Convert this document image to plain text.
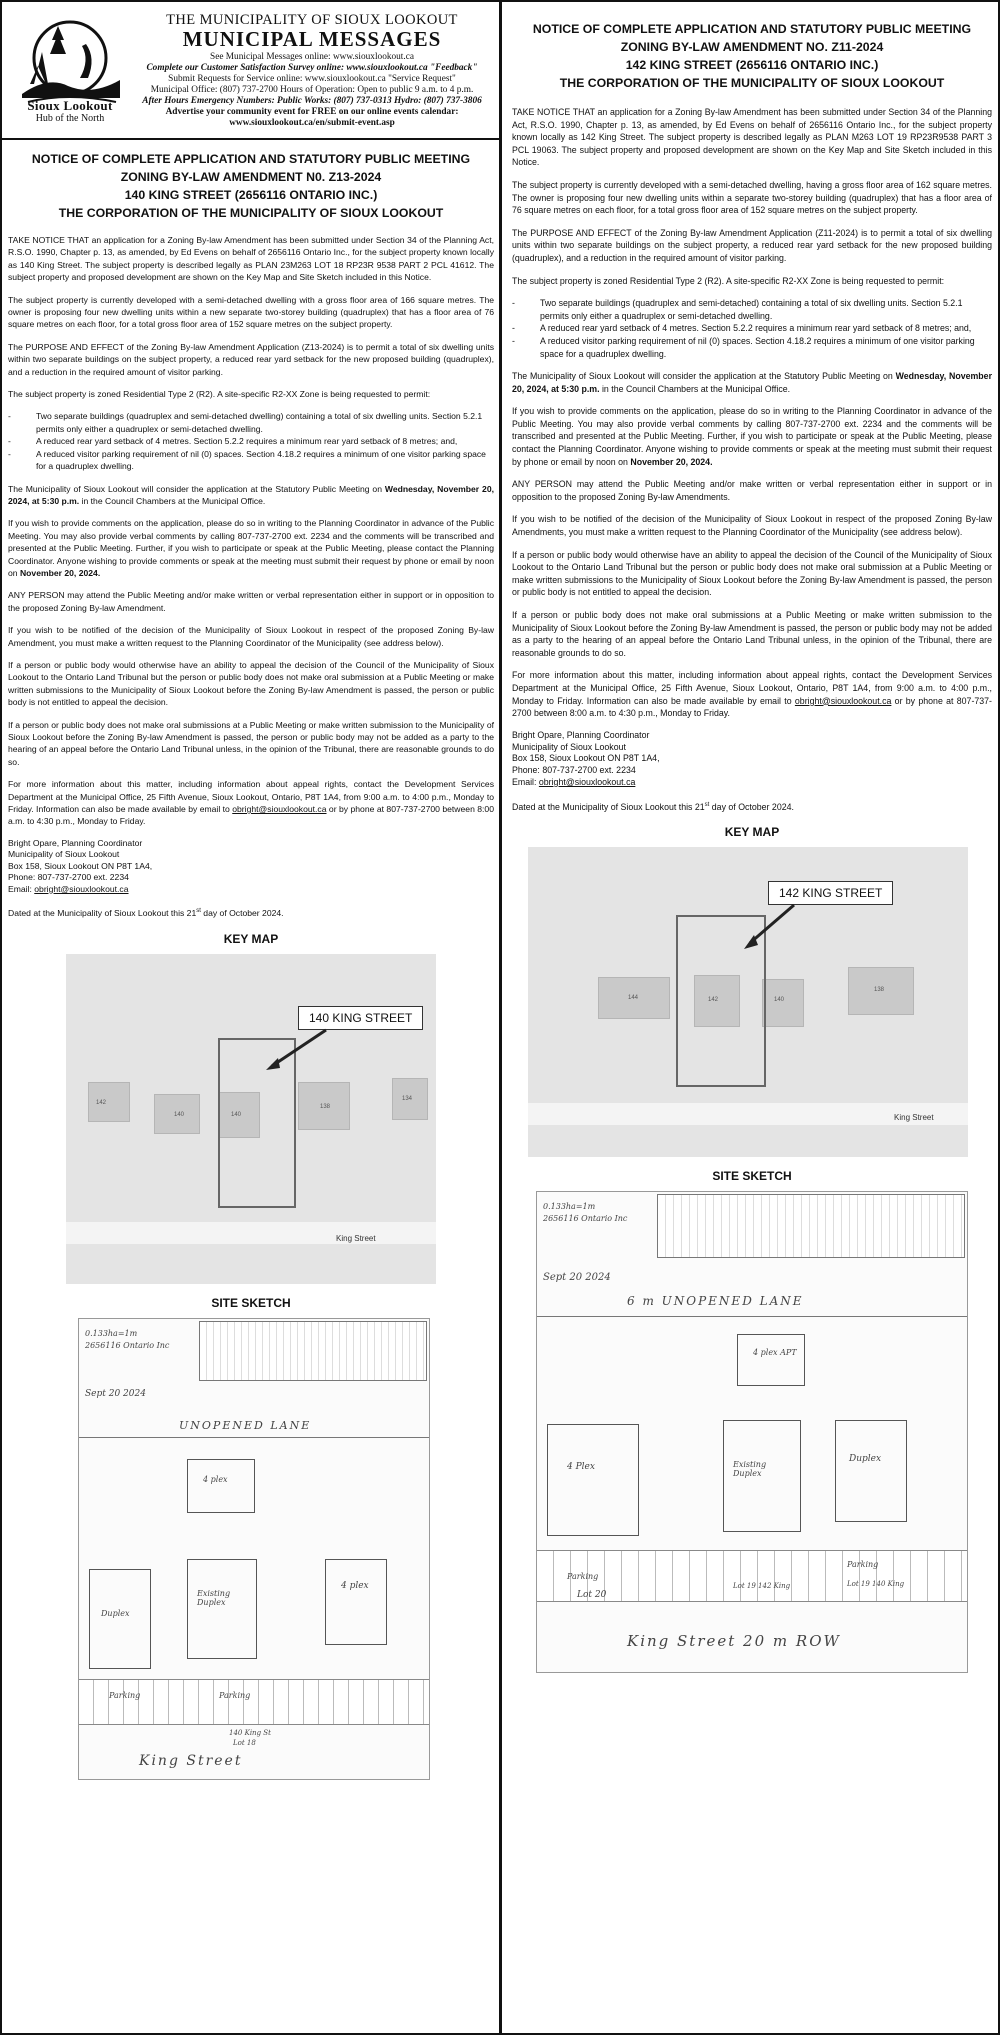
Sioux Lookout
Hub of the North
THE MUNICIPALITY OF SIOUX LOOKOUT
MUNICIPAL MESSAGES
See Municipal Messages online: www.siouxlookout.ca
Complete our Customer Satisfaction Survey online: www.siouxlookout.ca "Feedback"
Submit Requests for Service online: www.siouxlookout.ca "Service Request"
Municipal Office: (807) 737-2700 Hours of Operation: Open to public 9 a.m. to 4 p.m.
After Hours Emergency Numbers: Public Works: (807) 737-0313 Hydro: (807) 737-3806
Advertise your community event for FREE on our online events calendar:
www.siouxlookout.ca/en/submit-event.asp
NOTICE OF COMPLETE APPLICATION AND STATUTORY PUBLIC MEETING
ZONING BY-LAW AMENDMENT N0. Z13-2024
140 KING STREET (2656116 ONTARIO INC.)
THE CORPORATION OF THE MUNICIPALITY OF SIOUX LOOKOUT

TAKE NOTICE THAT an application for a Zoning By-law Amendment has been submitted under Section 34 of the Planning Act, R.S.O. 1990, Chapter p. 13, as amended, by Ed Evens on behalf of 2656116 Ontario Inc., for the subject property known locally as 140 King Street. The subject property is described legally as PLAN 23M263 LOT 18 RP23R 9538 PART 2 PCL 41612. The subject property and proposed development are shown on the Key Map and Site Sketch included in this Notice.

The subject property is currently developed with a semi-detached dwelling with a gross floor area of 166 square metres. The owner is proposing four new dwelling units within a new separate two-storey building (quadruplex) that has a floor area of 76 square metres on each floor, for a total gross floor area of 152 square metres on the subject property.

The PURPOSE AND EFFECT of the Zoning By-law Amendment Application (Z13-2024) is to permit a total of six dwelling units within two separate buildings on the subject property, a reduced rear yard setback for the new proposed building (quadruplex), and a reduction in the required amount of visitor parking.

The subject property is zoned Residential Type 2 (R2). A site-specific R2-XX Zone is being requested to permit:

- Two separate buildings (quadruplex and semi-detached dwelling) containing a total of six dwelling units. Section 5.2.1 permits only either a quadruplex or semi-detached dwelling.
- A reduced rear yard setback of 4 metres. Section 5.2.2 requires a minimum rear yard setback of 8 metres; and,
- A reduced visitor parking requirement of nil (0) spaces. Section 4.18.2 requires a minimum of one visitor parking space for a quadruplex dwelling.

The Municipality of Sioux Lookout will consider the application at the Statutory Public Meeting on Wednesday, November 20, 2024, at 5:30 p.m. in the Council Chambers at the Municipal Office.

If you wish to provide comments on the application, please do so in writing to the Planning Coordinator in advance of the Public Meeting. You may also provide verbal comments by calling 807-737-2700 ext. 2234 and the comments will be transcribed and presented at the Public Meeting. Further, if you wish to participate or speak at the Public Meeting, please contact the Planning Coordinator. Anyone wishing to provide comments or speak at the meeting must submit their request by phone or email by noon on November 20, 2024.

ANY PERSON may attend the Public Meeting and/or make written or verbal representation either in support or in opposition to the proposed Zoning By-law Amendment.

If you wish to be notified of the decision of the Municipality of Sioux Lookout in respect of the proposed Zoning By-law Amendment, you must make a written request to the Planning Coordinator of the Municipality (see address below).

If a person or public body would otherwise have an ability to appeal the decision of the Council of the Municipality of Sioux Lookout to the Ontario Land Tribunal but the person or public body does not make oral submission at a Public Meeting or make written submissions to the Municipality of Sioux Lookout before the Zoning By-law Amendment is passed, the person or public body is not entitled to appeal the decision.

If a person or public body does not make oral submissions at a Public Meeting or make written submission to the Municipality of Sioux Lookout before the Zoning By-law Amendment is passed, the person or public body may not be added as a party to the hearing of an appeal before the Ontario Land Tribunal unless, in the opinion of the Tribunal, there are reasonable grounds to do so.

For more information about this matter, including information about appeal rights, contact the Development Services Department at the Municipal Office, 25 Fifth Avenue, Sioux Lookout, Ontario, P8T 1A4, from 9:00 a.m. to 4:00 p.m., Monday to Friday. Information can also be made available by email to obright@siouxlookout.ca or by phone at 807-737-2700 between 8:00 a.m. to 4:30 p.m., Monday to Friday.

Bright Opare, Planning Coordinator
Municipality of Sioux Lookout
Box 158, Sioux Lookout ON P8T 1A4,
Phone: 807-737-2700 ext. 2234
Email: obright@siouxlookout.ca

Dated at the Municipality of Sioux Lookout this 21st day of October 2024.

KEY MAP
142
140	140
138
134
King Street
140 KING STREET
SITE SKETCH
0.133ha=1m
2656116 Ontario Inc
Sept 20 2024
UNOPENED LANE
Existing Duplex
Duplex
4 plex
4 plex
Parking	Parking
140 King St
Lot 18
King Street
NOTICE OF COMPLETE APPLICATION AND STATUTORY PUBLIC MEETING
ZONING BY-LAW AMENDMENT NO. Z11-2024
142 KING STREET (2656116 ONTARIO INC.)
THE CORPORATION OF THE MUNICIPALITY OF SIOUX LOOKOUT

TAKE NOTICE THAT an application for a Zoning By-law Amendment has been submitted under Section 34 of the Planning Act, R.S.O. 1990, Chapter p. 13, as amended, by Ed Evens on behalf of 2656116 Ontario Inc., for the subject property known locally as 142 King Street. The subject property is described legally as PLAN M263 LOT 19 RP23R9538 PART 3 PCL 19063. The subject property and proposed development are shown on the Key Map and Site Sketch included in this Notice.

The subject property is currently developed with a semi-detached dwelling, having a gross floor area of 162 square metres. The owner is proposing four new dwelling units within a separate two-storey building (quadruplex) that has a floor area of 76 square metres on each floor, for a total gross floor area of 152 square metres on the subject property.

The PURPOSE AND EFFECT of the Zoning By-law Amendment Application (Z11-2024) is to permit a total of six dwelling units within two separate buildings on the subject property, a reduced rear yard setback for the new proposed building (quadruplex), and a reduction in the required amount of visitor parking.

The subject property is zoned Residential Type 2 (R2). A site-specific R2-XX Zone is being requested to permit:

- Two separate buildings (quadruplex and semi-detached) containing a total of six dwelling units. Section 5.2.1 permits only either a quadruplex or semi-detached dwelling.
- A reduced rear yard setback of 4 metres. Section 5.2.2 requires a minimum rear yard setback of 8 metres; and,
- A reduced visitor parking requirement of nil (0) spaces. Section 4.18.2 requires a minimum of one visitor parking space for a quadruplex dwelling.

The Municipality of Sioux Lookout will consider the application at the Statutory Public Meeting on Wednesday, November 20, 2024, at 5:30 p.m. in the Council Chambers at the Municipal Office.

If you wish to provide comments on the application, please do so in writing to the Planning Coordinator in advance of the Public Meeting. You may also provide verbal comments by calling 807-737-2700 ext. 2234 and the comments will be transcribed and presented at the Public Meeting. Further, if you wish to participate or speak at the Public Meeting, please contact the Planning Coordinator. Anyone wishing to provide comments or speak at the meeting must submit their request by phone or email by noon on November 20, 2024.

ANY PERSON may attend the Public Meeting and/or make written or verbal representation either in support or in opposition to the proposed Zoning By-law Amendments.

If you wish to be notified of the decision of the Municipality of Sioux Lookout in respect of the proposed Zoning By-law Amendments, you must make a written request to the Planning Coordinator of the Municipality (see address below).

If a person or public body would otherwise have an ability to appeal the decision of the Council of the Municipality of Sioux Lookout to the Ontario Land Tribunal but the person or public body does not make oral submission at a Public Meeting or make written submissions to the Municipality of Sioux Lookout before the Zoning By-law Amendment is passed, the person or public body is not entitled to appeal the decision.

If a person or public body does not make oral submissions at a Public Meeting or make written submission to the Municipality of Sioux Lookout before the Zoning By-law Amendment is passed, the person or public body may not be added as a party to the hearing of an appeal before the Ontario Land Tribunal unless, in the opinion of the Tribunal, there are reasonable grounds to do so.

For more information about this matter, including information about appeal rights, contact the Development Services Department at the Municipal Office, 25 Fifth Avenue, Sioux Lookout, Ontario, P8T 1A4, from 9:00 a.m. to 4:00 p.m., Monday to Friday. Information can also be made available by email to obright@siouxlookout.ca or by phone at 807-737-2700 between 8:00 a.m. to 4:30 p.m., Monday to Friday.

Bright Opare, Planning Coordinator
Municipality of Sioux Lookout
Box 158, Sioux Lookout ON P8T 1A4,
Phone: 807-737-2700 ext. 2234
Email: obright@siouxlookout.ca

Dated at the Municipality of Sioux Lookout this 21st day of October 2024.

KEY MAP
144	142	140
138
King Street
142 KING STREET
SITE SKETCH
0.133ha=1m
2656116 Ontario Inc
Sept 20 2024
6 m UNOPENED LANE
4 plex APT
4 Plex	Existing Duplex
Duplex
Parking
Parking
Lot 20
Lot 19 142 King	Lot 19 140 King
King Street 20 m ROW
